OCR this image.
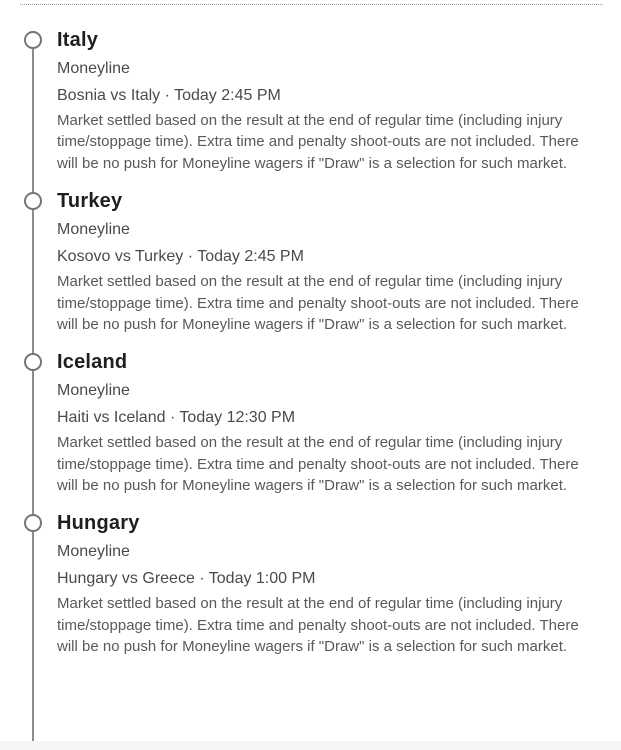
Italy
Moneyline
Bosnia vs Italy · Today 2:45 PM

Market settled based on the result at the end of regular time (including injury time/stoppage time). Extra time and penalty shoot-outs are not included. There will be no push for Moneyline wagers if "Draw" is a selection for such market.

Turkey
Moneyline
Kosovo vs Turkey · Today 2:45 PM

Market settled based on the result at the end of regular time (including injury time/stoppage time). Extra time and penalty shoot-outs are not included. There will be no push for Moneyline wagers if "Draw" is a selection for such market.

Iceland
Moneyline
Haiti vs Iceland · Today 12:30 PM

Market settled based on the result at the end of regular time (including injury time/stoppage time). Extra time and penalty shoot-outs are not included. There will be no push for Moneyline wagers if "Draw" is a selection for such market.

Hungary
Moneyline
Hungary vs Greece · Today 1:00 PM

Market settled based on the result at the end of regular time (including injury time/stoppage time). Extra time and penalty shoot-outs are not included. There will be no push for Moneyline wagers if "Draw" is a selection for such market.
